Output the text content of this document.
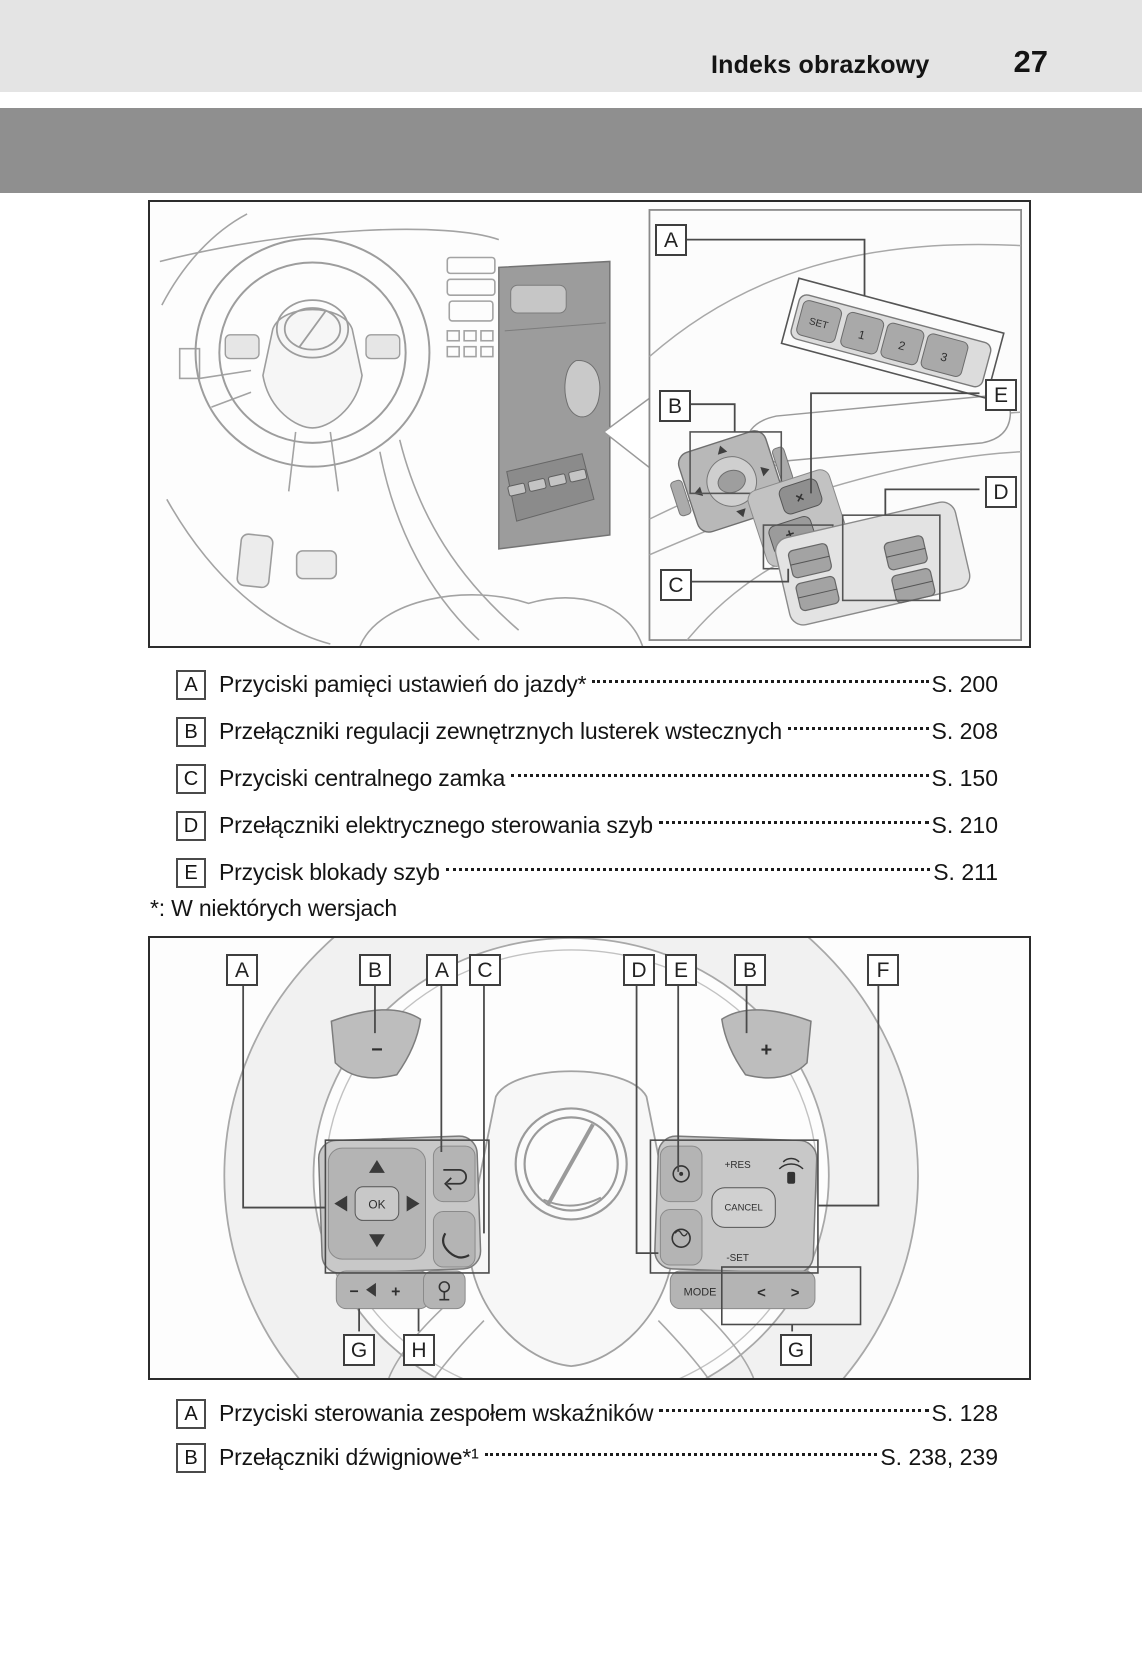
Indeks obrazkowy	27
SET
1
2
3
A
B
C
E
D
A Przyciski pamięci ustawień do jazdy*	S. 200
B Przełączniki regulacji zewnętrznych lusterek wstecznych	S. 208
C Przyciski centralnego zamka	S. 150
D Przełączniki elektrycznego sterowania szyb	S. 210
E Przycisk blokady szyb	S. 211
*: W niektórych wersjach
−	+
OK
− +
+RES
-SET
CANCEL
MODE	< >
A	B	A	C	D	E	B	F
G	H	G
A Przyciski sterowania zespołem wskaźników	S. 128
B Przełączniki dźwigniowe*¹	S. 238, 239
